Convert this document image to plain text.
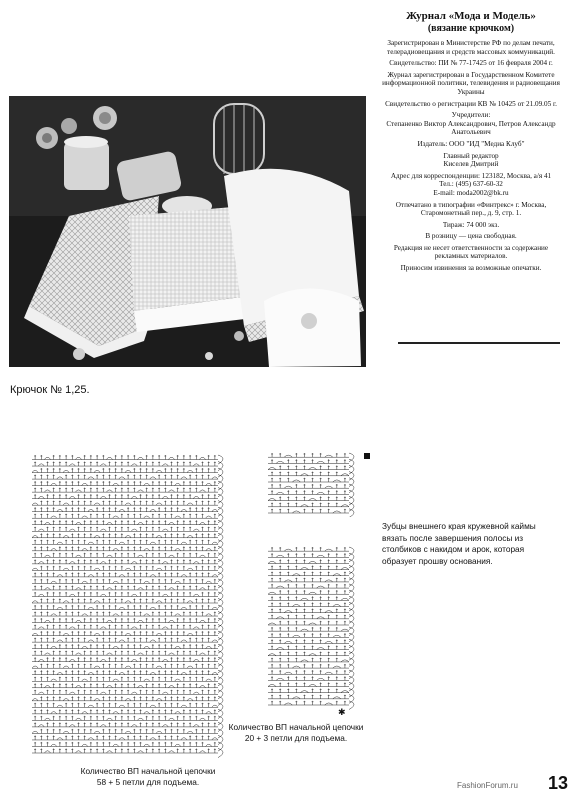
Журнал «Мода и Модель»
(вязание крючком)

Зарегистрирован в Министерстве РФ по делам печати, телерадиовещания и средств массовых коммуникаций.

Свидетельство: ПИ № 77-17425 от 16 февраля 2004 г.

Журнал зарегистрирован в Государственном Комитете информационной политики, телевидения и радиовещания Украины

Свидетельство о регистрации КВ № 10425 от 21.09.05 г.

Учредители:

Степаненко Виктор Александрович, Петров Александр Анатольевич

Издатель: ООО "ИД "Медиа Клуб"

Главный редактор

Киселев Дмитрий

Адрес для корреспонденции: 123182, Москва, а/я 41

Тел.: (495) 637-60-32

E-mail: moda2002@bk.ru

Отпечатано в типографии «Финтрекс» г. Москва, Старомонетный пер., д. 9, стр. 1.

Тираж: 74 000 экз.

В розницу — цена свободная.

Редакция не несет ответственности за содержание рекламных материалов.

Приносим извинения за возможные опечатки.

Крючок № 1,25.
✱
Зубцы внешнего края кружевной каймы вязать после завершения полосы из столбиков с накидом и арок, которая образует прошву основания.
Количество ВП начальной цепочки
58 + 5 петли для подъема.
Количество ВП начальной цепочки
20 + 3 петли для подъема.
FashionForum.ru 13
